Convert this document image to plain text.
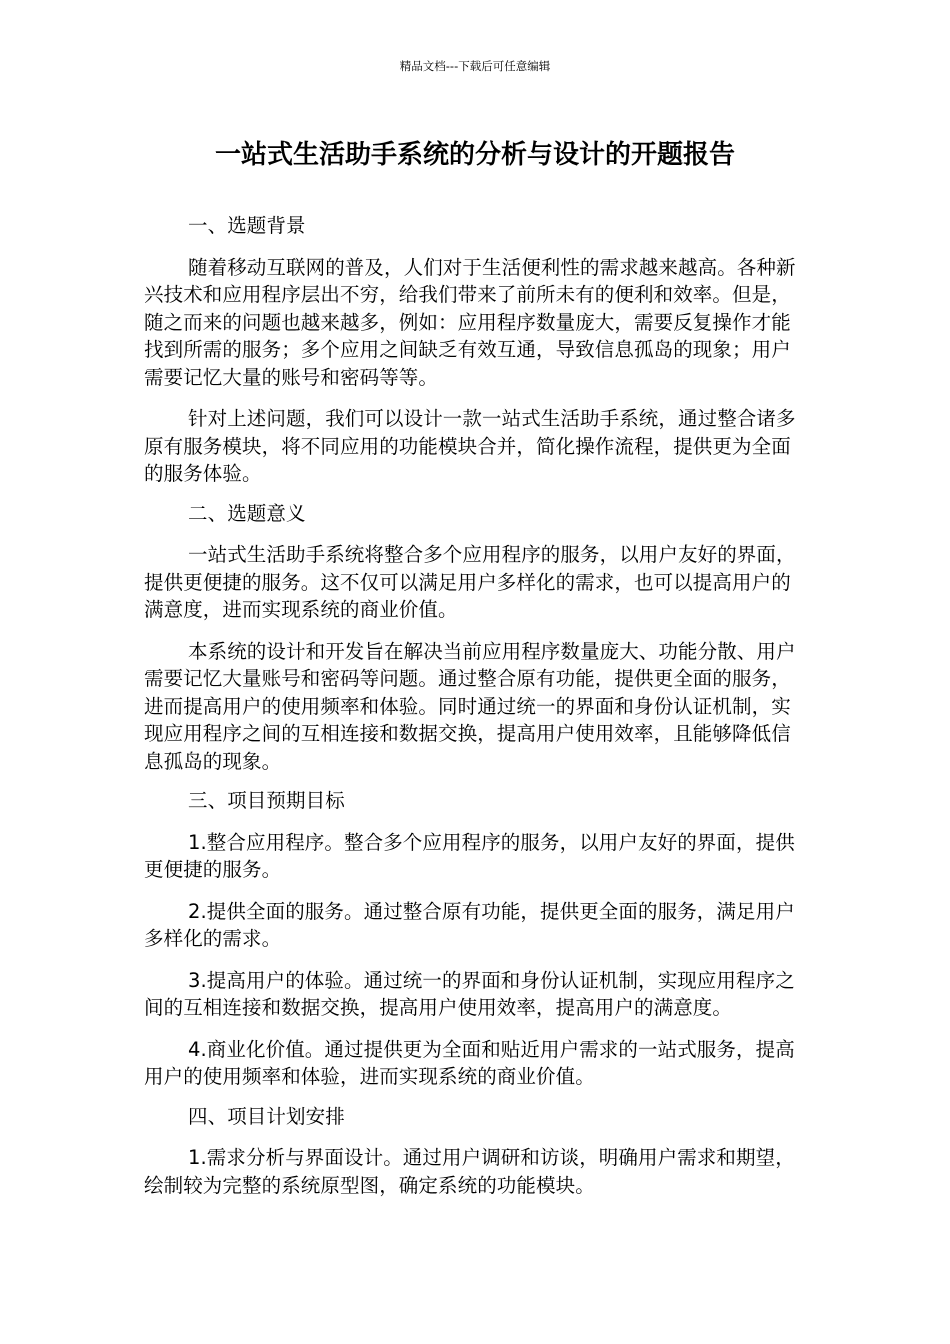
精品文档---下载后可任意编辑
一站式生活助手系统的分析与设计的开题报告

一、选题背景

随着移动互联网的普及，人们对于生活便利性的需求越来越高。各种新兴技术和应用程序层出不穷，给我们带来了前所未有的便利和效率。但是，随之而来的问题也越来越多，例如：应用程序数量庞大，需要反复操作才能找到所需的服务；多个应用之间缺乏有效互通，导致信息孤岛的现象；用户需要记忆大量的账号和密码等等。

针对上述问题，我们可以设计一款一站式生活助手系统，通过整合诸多原有服务模块，将不同应用的功能模块合并，简化操作流程，提供更为全面的服务体验。

二、选题意义

一站式生活助手系统将整合多个应用程序的服务，以用户友好的界面，提供更便捷的服务。这不仅可以满足用户多样化的需求，也可以提高用户的满意度，进而实现系统的商业价值。

本系统的设计和开发旨在解决当前应用程序数量庞大、功能分散、用户需要记忆大量账号和密码等问题。通过整合原有功能，提供更全面的服务，进而提高用户的使用频率和体验。同时通过统一的界面和身份认证机制，实现应用程序之间的互相连接和数据交换，提高用户使用效率，且能够降低信息孤岛的现象。

三、项目预期目标

1.整合应用程序。整合多个应用程序的服务，以用户友好的界面，提供更便捷的服务。

2.提供全面的服务。通过整合原有功能，提供更全面的服务，满足用户多样化的需求。

3.提高用户的体验。通过统一的界面和身份认证机制，实现应用程序之间的互相连接和数据交换，提高用户使用效率，提高用户的满意度。

4.商业化价值。通过提供更为全面和贴近用户需求的一站式服务，提高用户的使用频率和体验，进而实现系统的商业价值。

四、项目计划安排

1.需求分析与界面设计。通过用户调研和访谈，明确用户需求和期望，绘制较为完整的系统原型图，确定系统的功能模块。
